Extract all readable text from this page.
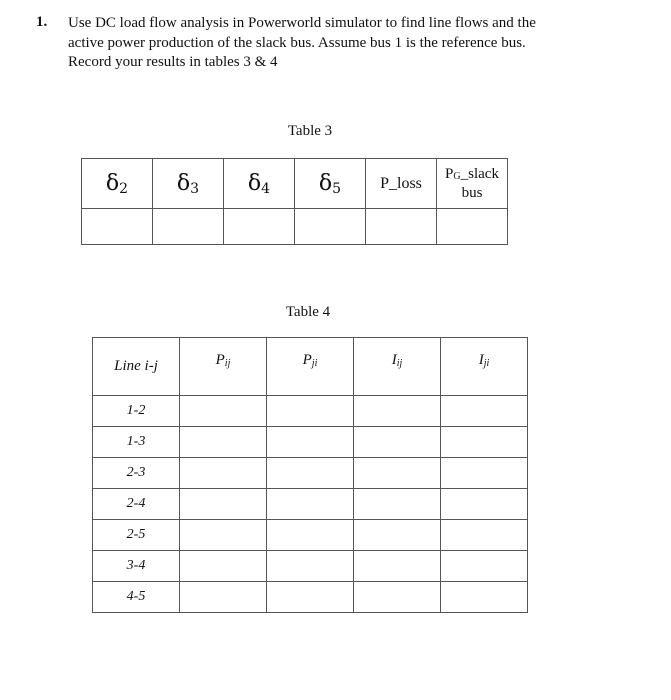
1. Use DC load flow analysis in Powerworld simulator to find line flows and the
active power production of the slack bus. Assume bus 1 is the reference bus.
Record your results in tables 3 & 4
Table 3
$\delta_2$	$\delta_3$	$\delta_4$	$\delta_5$	P_loss	$P_G\_slack$
bus

Table 4
Line i-j	$P_{ij}$	$P_{ji}$	$I_{ij}$	$I_{ji}$
1-2				
1-3				
2-3				
2-4				
2-5				
3-4				
4-5				
